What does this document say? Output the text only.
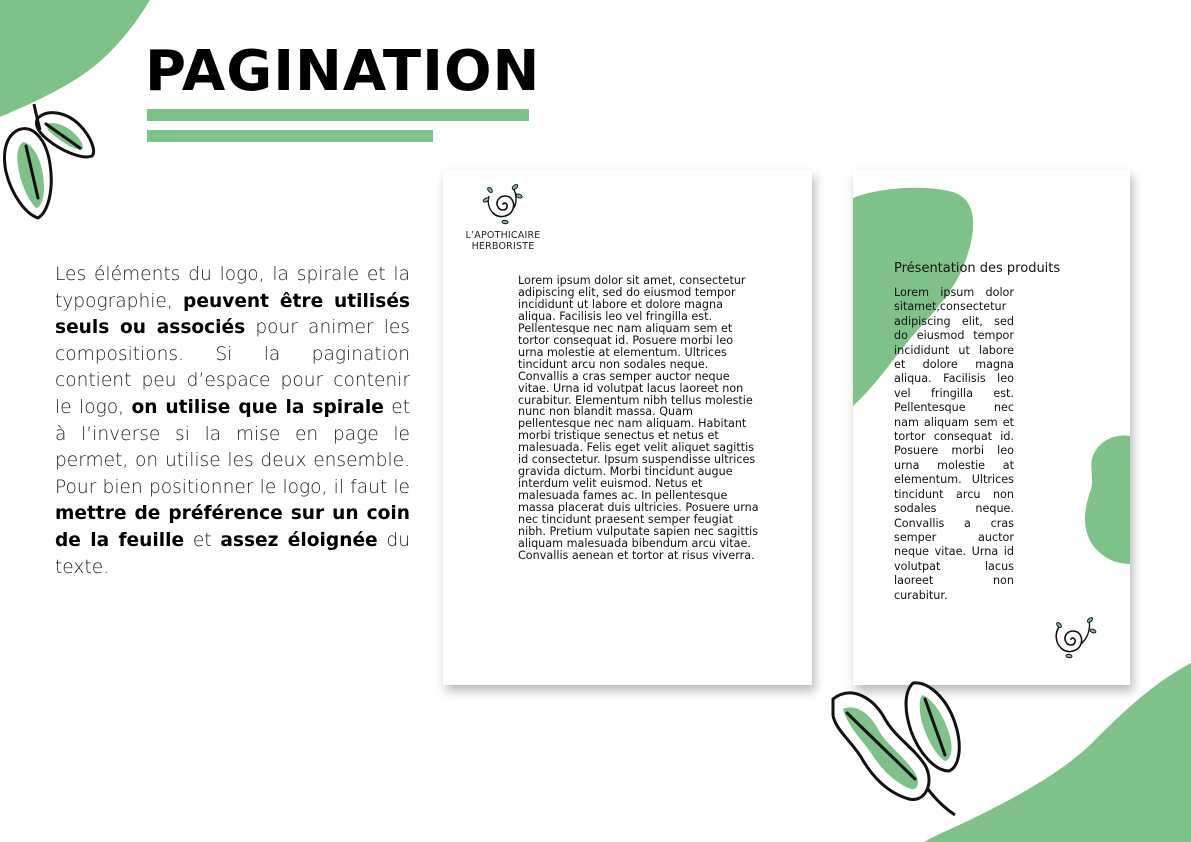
PAGINATION

Les éléments du logo, la spirale et la typographie, peuvent être utilisés seuls ou associés pour animer les compositions. Si la pagination contient peu d’espace pour contenir le logo, on utilise que la spirale et à l’inverse si la mise en page le permet, on utilise les deux ensemble. Pour bien positionner le logo, il faut le mettre de préférence sur un coin de la feuille et assez éloignée du texte.

L’APOTHICAIRE
HERBORISTE
Lorem ipsum dolor sit amet, consectetur adipiscing elit, sed do eiusmod tempor incididunt ut labore et dolore magna aliqua. Facilisis leo vel fringilla est. Pellentesque nec nam aliquam sem et tortor consequat id. Posuere morbi leo urna molestie at elementum. Ultrices tincidunt arcu non sodales neque. Convallis a cras semper auctor neque vitae. Urna id volutpat lacus laoreet non curabitur. Elementum nibh tellus molestie nunc non blandit massa. Quam pellentesque nec nam aliquam. Habitant morbi tristique senectus et netus et malesuada. Felis eget velit aliquet sagittis id consectetur. Ipsum suspendisse ultrices gravida dictum. Morbi tincidunt augue interdum velit euismod. Netus et malesuada fames ac. In pellentesque massa placerat duis ultricies. Posuere urna nec tincidunt praesent semper feugiat nibh. Pretium vulputate sapien nec sagittis aliquam malesuada bibendum arcu vitae. Convallis aenean et tortor at risus viverra.

Présentation des produits

Lorem ipsum dolor sitamet,consectetur adipiscing elit, sed do eiusmod tempor incididunt ut labore et dolore magna aliqua. Facilisis leo vel fringilla est. Pellentesque nec nam aliquam sem et tortor consequat id. Posuere morbi leo urna molestie at elementum. Ultrices tincidunt arcu non sodales neque. Convallis a cras semper auctor neque vitae. Urna id volutpat lacus laoreet non curabitur.
